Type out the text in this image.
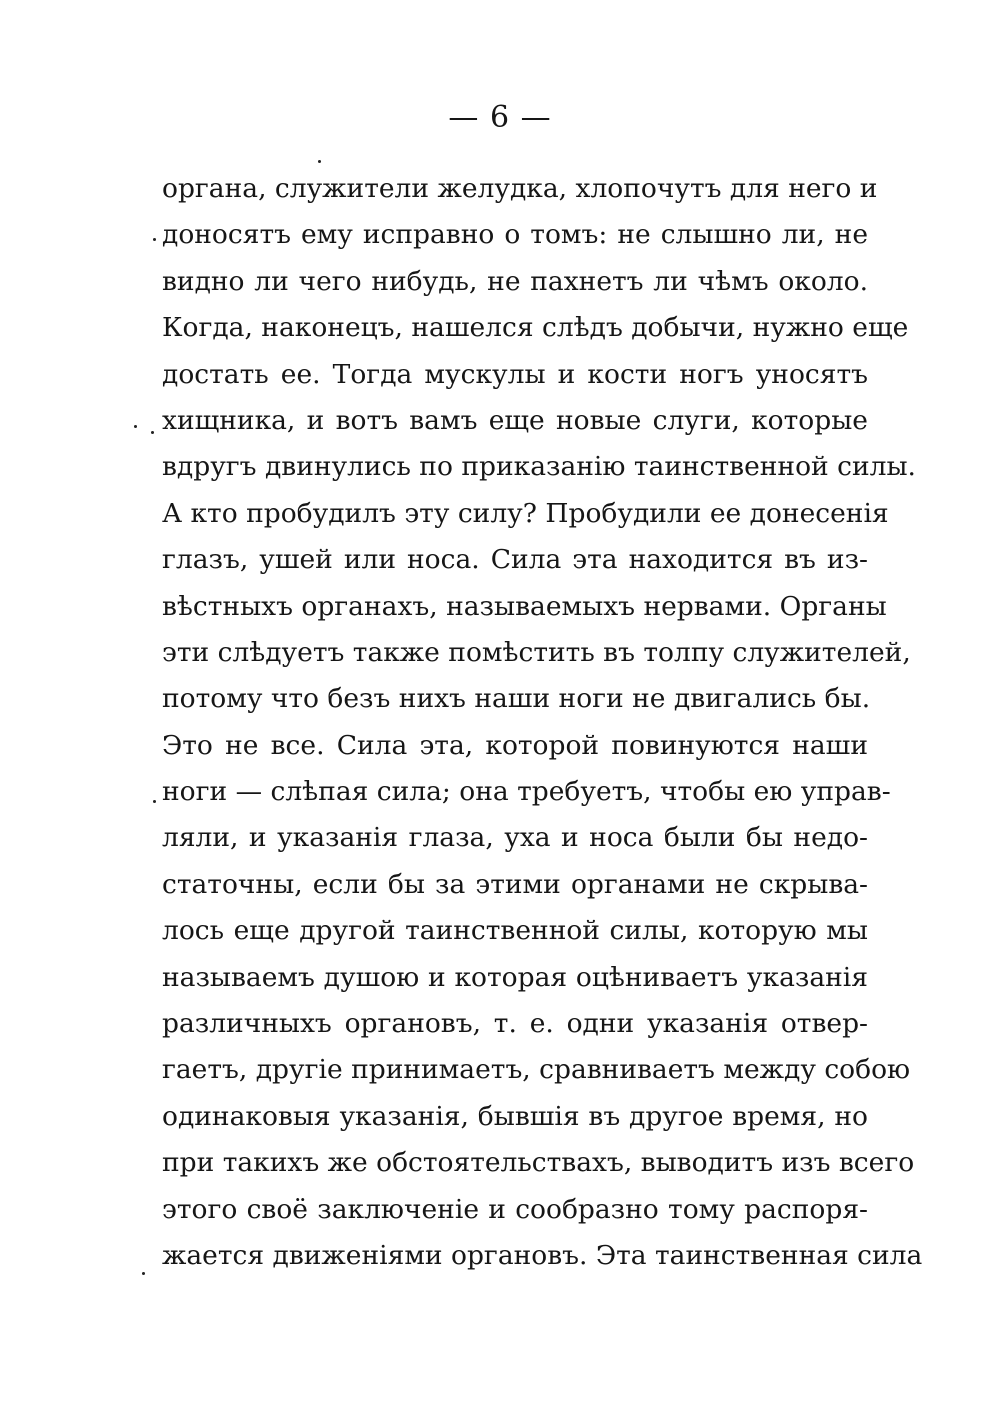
— 6 —
органа, служители желудка, хлопочутъ для него и
доносятъ ему исправно о томъ: не слышно ли, не
видно ли чего нибудь, не пахнетъ ли чѣмъ около.
Когда, наконецъ, нашелся слѣдъ добычи, нужно еще
достать ее. Тогда мускулы и кости ногъ уносятъ
хищника, и вотъ вамъ еще новые слуги, которые
вдругъ двинулись по приказанію таинственной силы.
А кто пробудилъ эту силу? Пробудили ее донесенія
глазъ, ушей или носа. Сила эта находится въ из-
вѣстныхъ органахъ, называемыхъ нервами. Органы
эти слѣдуетъ также помѣстить въ толпу служителей,
потому что безъ нихъ наши ноги не двигались бы.
Это не все. Сила эта, которой повинуются наши
ноги — слѣпая сила; она требуетъ, чтобы ею управ-
ляли, и указанія глаза, уха и носа были бы недо-
статочны, если бы за этими органами не скрыва-
лось еще другой таинственной силы, которую мы
называемъ душою и которая оцѣниваетъ указанія
различныхъ органовъ, т. е. одни указанія отвер-
гаетъ, другіе принимаетъ, сравниваетъ между собою
одинаковыя указанія, бывшія въ другое время, но
при такихъ же обстоятельствахъ, выводитъ изъ всего
этого своё заключеніе и сообразно тому распоря-
жается движеніями органовъ. Эта таинственная сила
